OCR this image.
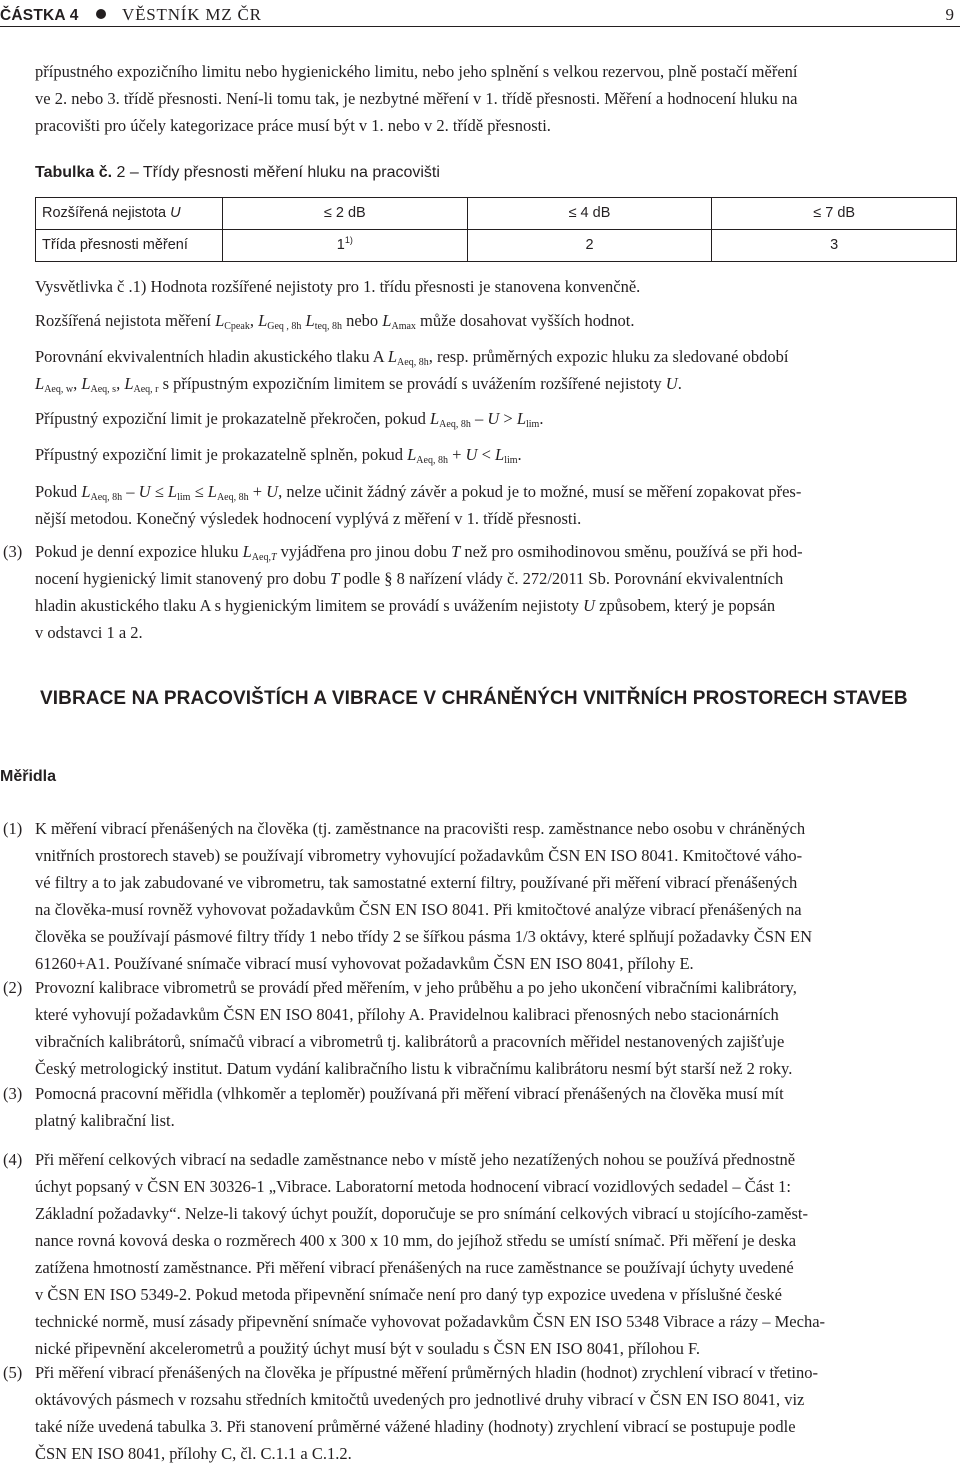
ČÁSTKA 4	VĚSTNÍK MZ ČR	9

přípustného expozičního limitu nebo hygienického limitu, nebo jeho splnění s velkou rezervou, plně postačí měření

ve 2. nebo 3. třídě přesnosti. Není-li tomu tak, je nezbytné měření v 1. třídě přesnosti. Měření a hodnocení hluku na

pracovišti pro účely kategorizace práce musí být v 1. nebo v 2. třídě přesnosti.

Tabulka č. 2 – Třídy přesnosti měření hluku na pracovišti
Rozšířená nejistota U	≤ 2 dB	≤ 4 dB	≤ 7 dB
Třída přesnosti měření	1$^{1)}$	2	3
Vysvětlivka č .1) Hodnota rozšířené nejistoty pro 1. třídu přesnosti je stanovena konvenčně.
Rozšířená nejistota měření $L_{Cpeak}$, $L_{Geq , 8h}$ $L_{teq, 8h}$ nebo $L_{Amax}$ může dosahovat vyšších hodnot.

Porovnání ekvivalentních hladin akustického tlaku A $L_{Aeq, 8h}$, resp. průměrných expozic hluku za sledované období

$L_{Aeq, w}$, $L_{Aeq, s}$, $L_{Aeq, r}$ s přípustným expozičním limitem se provádí s uvážením rozšířené nejistoty U.

Přípustný expoziční limit je prokazatelně překročen, pokud $L_{Aeq, 8h} - U > L_{lim}$.
Přípustný expoziční limit je prokazatelně splněn, pokud $L_{Aeq, 8h} + U < L_{lim}$.

Pokud $L_{Aeq, 8h} - U \le L_{lim} \le L_{Aeq, 8h} + U$, nelze učinit žádný závěr a pokud je to možné, musí se měření zopakovat přes-

nější metodou. Konečný výsledek hodnocení vyplývá z měření v 1. třídě přesnosti.

(3) Pokud je denní expozice hluku $L_{Aeq,T}$ vyjádřena pro jinou dobu T než pro osmihodinovou směnu, používá se při hod-

nocení hygienický limit stanovený pro dobu T podle § 8 nařízení vlády č. 272/2011 Sb. Porovnání ekvivalentních

hladin akustického tlaku A s hygienickým limitem se provádí s uvážením nejistoty U způsobem, který je popsán

v odstavci 1 a 2.

VIBRACE NA PRACOVIŠTÍCH A VIBRACE V CHRÁNĚNÝCH VNITŘNÍCH PROSTORECH STAVEB
Měřidla
(1) K měření vibrací přenášených na člověka (tj. zaměstnance na pracovišti resp. zaměstnance nebo osobu v chráněných

vnitřních prostorech staveb) se používají vibrometry vyhovující požadavkům ČSN EN ISO 8041. Kmitočtové váho-

vé filtry a to jak zabudované ve vibrometru, tak samostatné externí filtry, používané při měření vibrací přenášených

na člověka-musí rovněž vyhovovat požadavkům ČSN EN ISO 8041. Při kmitočtové analýze vibrací přenášených na

člověka se používají pásmové filtry třídy 1 nebo třídy 2 se šířkou pásma 1/3 oktávy, které splňují požadavky ČSN EN

61260+A1. Používané snímače vibrací musí vyhovovat požadavkům ČSN EN ISO 8041, přílohy E.

(2) Provozní kalibrace vibrometrů se provádí před měřením, v jeho průběhu a po jeho ukončení vibračními kalibrátory,

které vyhovují požadavkům ČSN EN ISO 8041, přílohy A. Pravidelnou kalibraci přenosných nebo stacionárních

vibračních kalibrátorů, snímačů vibrací a vibrometrů tj. kalibrátorů a pracovních měřidel nestanovených zajišťuje

Český metrologický institut. Datum vydání kalibračního listu k vibračnímu kalibrátoru nesmí být starší než 2 roky.

(3) Pomocná pracovní měřidla (vlhkoměr a teploměr) používaná při měření vibrací přenášených na člověka musí mít

platný kalibrační list.

(4) Při měření celkových vibrací na sedadle zaměstnance nebo v místě jeho nezatížených nohou se používá přednostně

úchyt popsaný v ČSN EN 30326-1 „Vibrace. Laboratorní metoda hodnocení vibrací vozidlových sedadel – Část 1:

Základní požadavky“. Nelze-li takový úchyt použít, doporučuje se pro snímání celkových vibrací u stojícího-zaměst-

nance rovná kovová deska o rozměrech 400 x 300 x 10 mm, do jejíhož středu se umístí snímač. Při měření je deska

zatížena hmotností zaměstnance. Při měření vibrací přenášených na ruce zaměstnance se používají úchyty uvedené

v ČSN EN ISO 5349-2. Pokud metoda připevnění snímače není pro daný typ expozice uvedena v příslušné české

technické normě, musí zásady připevnění snímače vyhovovat požadavkům ČSN EN ISO 5348 Vibrace a rázy – Mecha-

nické připevnění akcelerometrů a použitý úchyt musí být v souladu s ČSN EN ISO 8041, přílohou F.

(5) Při měření vibrací přenášených na člověka je přípustné měření průměrných hladin (hodnot) zrychlení vibrací v třetino-

oktávových pásmech v rozsahu středních kmitočtů uvedených pro jednotlivé druhy vibrací v ČSN EN ISO 8041, viz

také níže uvedená tabulka 3. Při stanovení průměrné vážené hladiny (hodnoty) zrychlení vibrací se postupuje podle

ČSN EN ISO 8041, přílohy C, čl. C.1.1 a C.1.2.
